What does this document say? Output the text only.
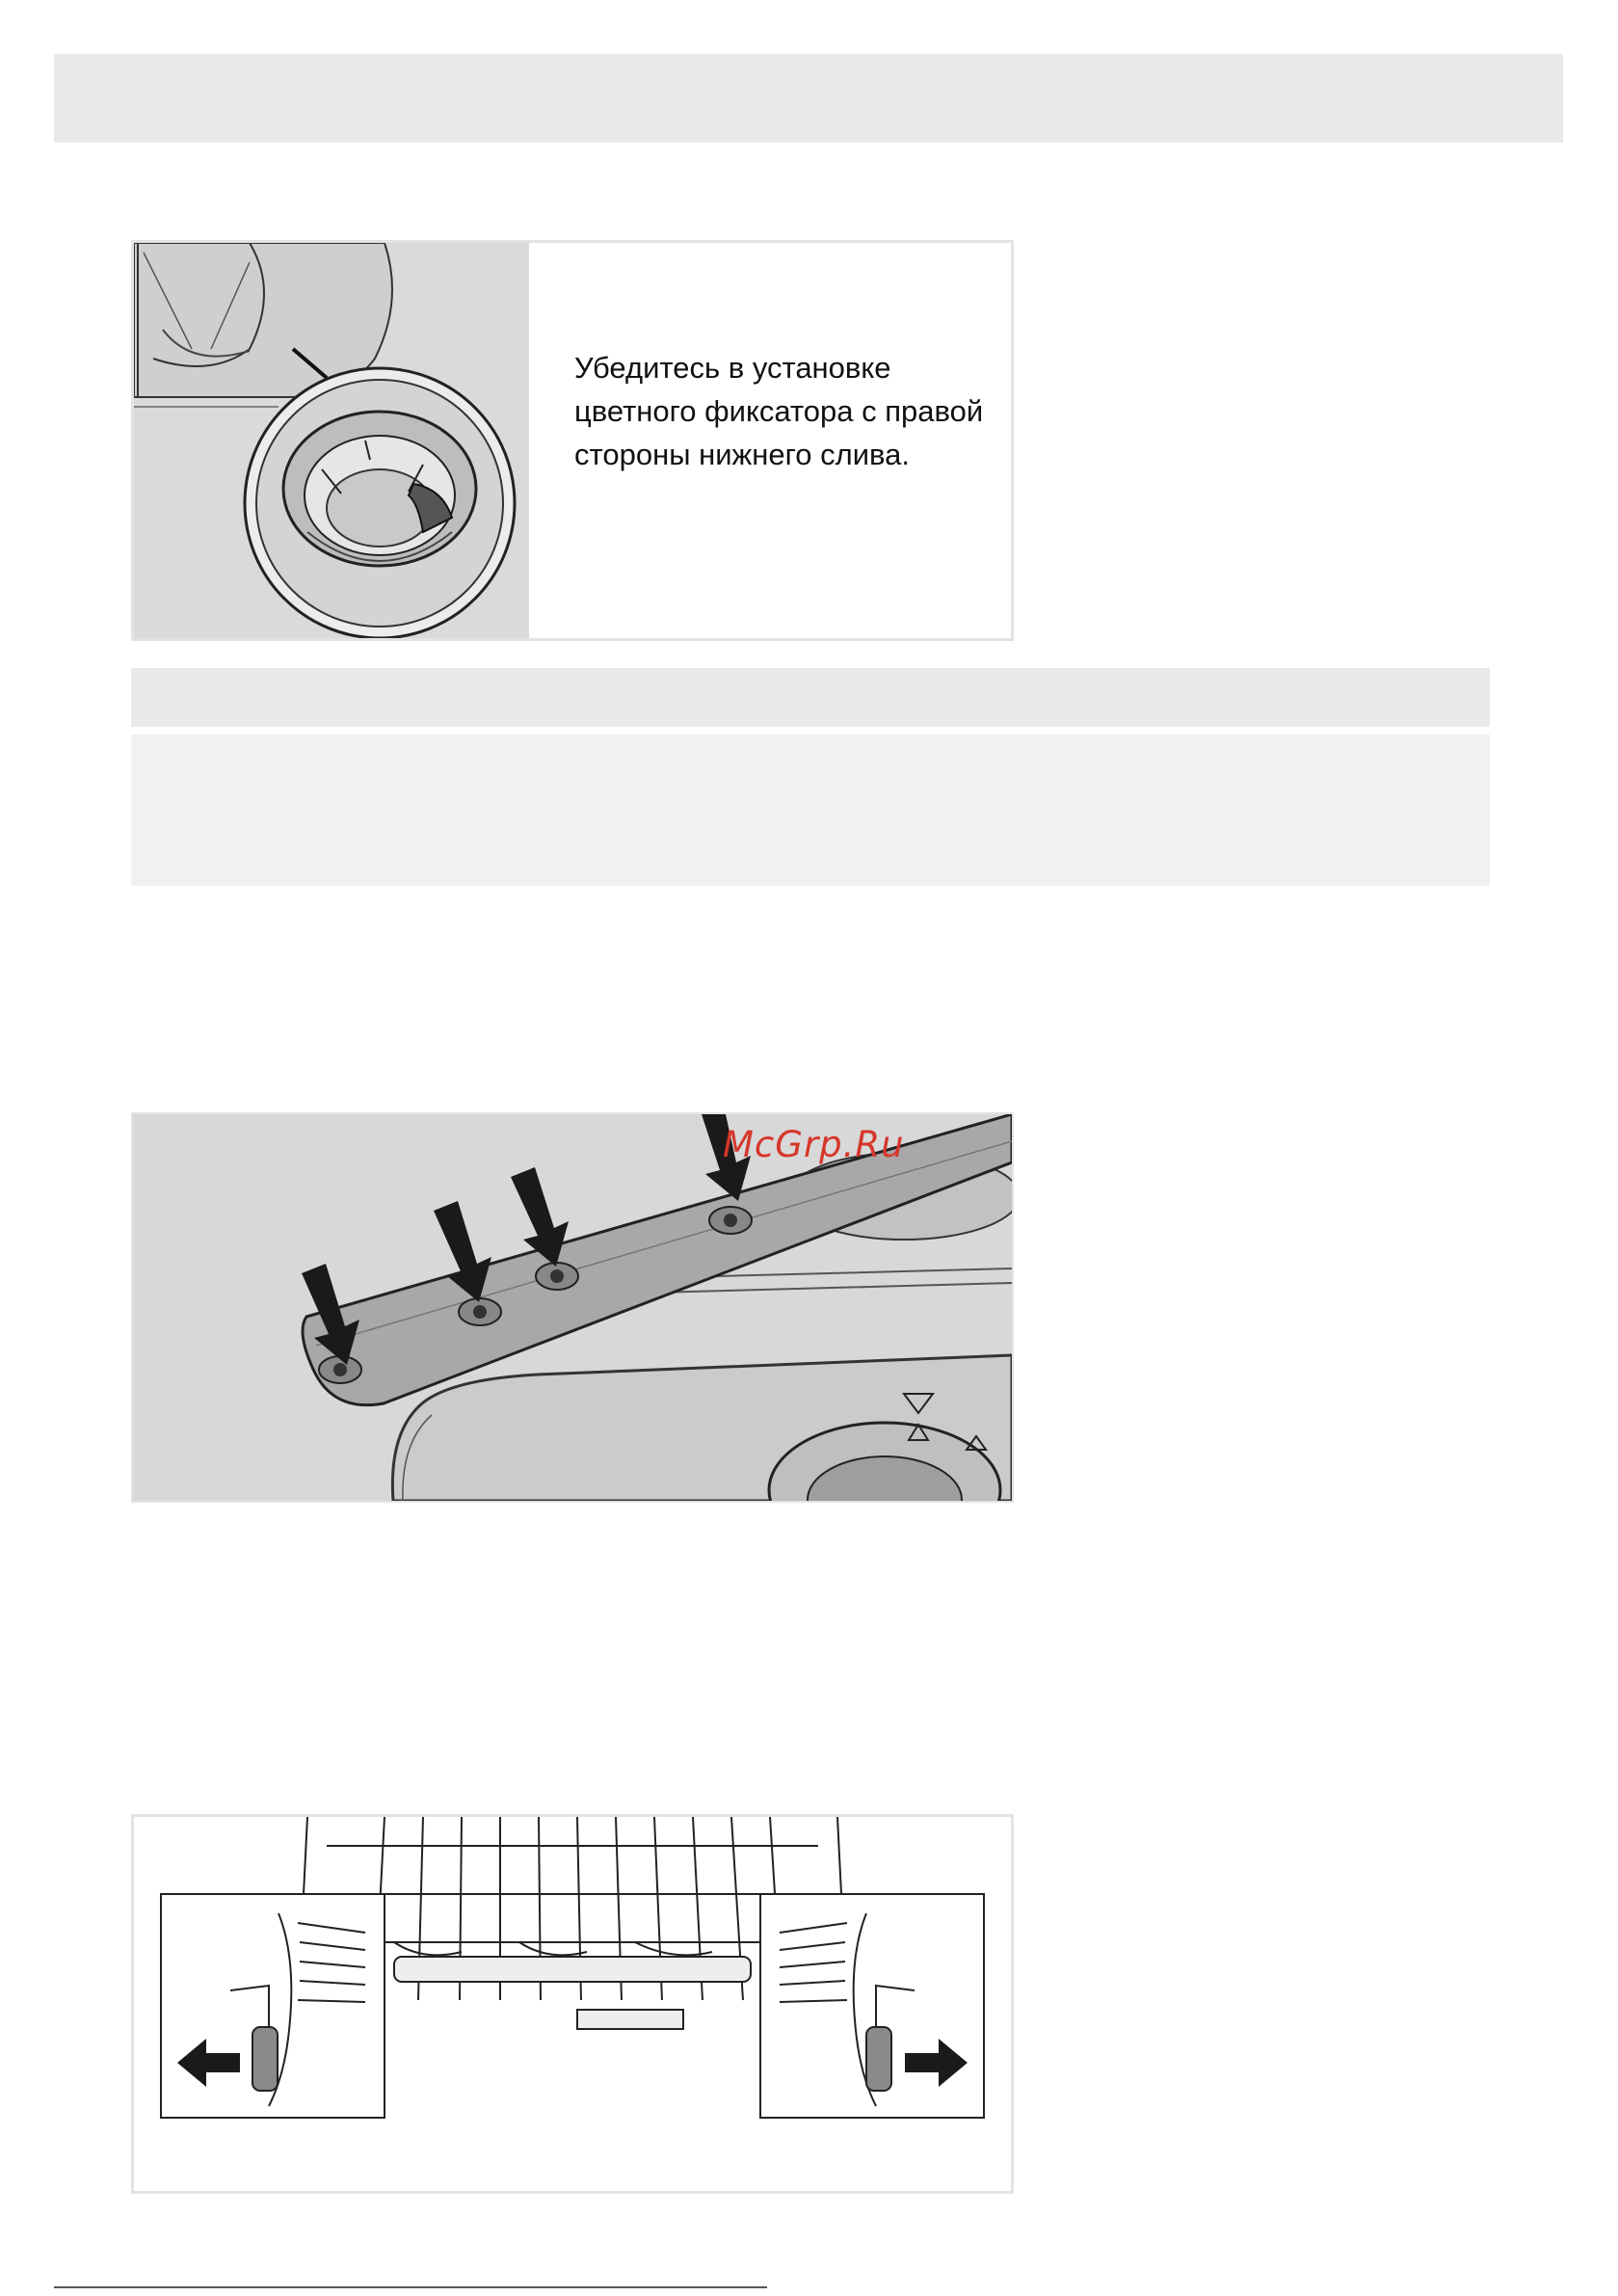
Убедитесь в установке цветного фиксатора с правой стороны нижнего слива.
McGrp.Ru
